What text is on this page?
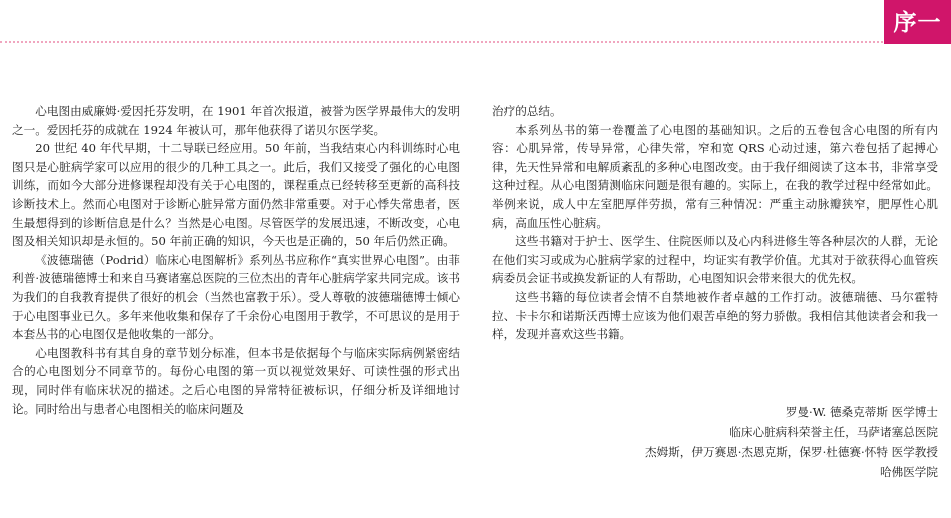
序一

心电图由威廉姆·爱因托芬发明，在 1901 年首次报道，被誉为医学界最伟大的发明之一。爱因托芬的成就在 1924 年被认可，那年他获得了诺贝尔医学奖。

20 世纪 40 年代早期，十二导联已经应用。50 年前，当我结束心内科训练时心电图只是心脏病学家可以应用的很少的几种工具之一。此后，我们又接受了强化的心电图训练，而如今大部分进修课程却没有关于心电图的，课程重点已经转移至更新的高科技诊断技术上。然而心电图对于诊断心脏异常方面仍然非常重要。对于心悸失常患者，医生最想得到的诊断信息是什么？当然是心电图。尽管医学的发展迅速，不断改变，心电图及相关知识却是永恒的。50 年前正确的知识，今天也是正确的，50 年后仍然正确。

《波德瑞德（Podrid）临床心电图解析》系列丛书应称作“真实世界心电图”。由菲利普·波德瑞德博士和来自马赛诸塞总医院的三位杰出的青年心脏病学家共同完成。该书为我们的自我教育提供了很好的机会（当然也富教于乐）。受人尊敬的波德瑞德博士倾心于心电图事业已久。多年来他收集和保存了千余份心电图用于教学，不可思议的是用于本套丛书的心电图仅是他收集的一部分。

心电图教科书有其自身的章节划分标准，但本书是依据每个与临床实际病例紧密结合的心电图划分不同章节的。每份心电图的第一页以视觉效果好、可读性强的形式出现，同时伴有临床状况的描述。之后心电图的异常特征被标识，仔细分析及详细地讨论。同时给出与患者心电图相关的临床问题及

治疗的总结。

本系列丛书的第一卷覆盖了心电图的基础知识。之后的五卷包含心电图的所有内容：心肌异常，传导异常，心律失常，窄和宽 QRS 心动过速，第六卷包括了起搏心律，先天性异常和电解质紊乱的多种心电图改变。由于我仔细阅读了这本书，非常享受这种过程。从心电图猜测临床问题是很有趣的。实际上，在我的教学过程中经常如此。举例来说，成人中左室肥厚伴劳损，常有三种情况：严重主动脉瓣狭窄，肥厚性心肌病，高血压性心脏病。

这些书籍对于护士、医学生、住院医师以及心内科进修生等各种层次的人群，无论在他们实习或成为心脏病学家的过程中，均证实有教学价值。尤其对于欲获得心血管疾病委员会证书或换发新证的人有帮助，心电图知识会带来很大的优先权。

这些书籍的每位读者会情不自禁地被作者卓越的工作打动。波德瑞德、马尔霍特拉、卡卡尔和诺斯沃西博士应该为他们艰苦卓绝的努力骄傲。我相信其他读者会和我一样，发现并喜欢这些书籍。

罗曼·W. 德桑克蒂斯 医学博士
临床心脏病科荣誉主任，马萨诸塞总医院
杰姆斯，伊万赛恩·杰恩克斯，保罗·杜德赛·怀特 医学教授
哈佛医学院
